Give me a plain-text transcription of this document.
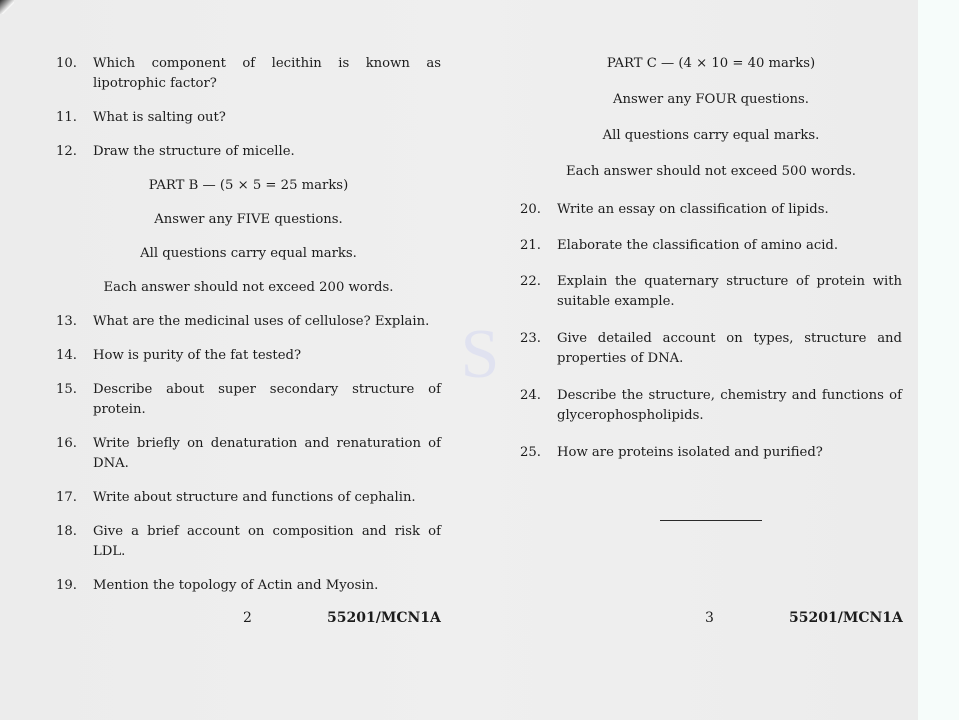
S
10.	Which component of lecithin is known as lipotrophic factor?
11.	What is salting out?
12.	Draw the structure of micelle.
PART B — (5 × 5 = 25 marks)
Answer any FIVE questions.
All questions carry equal marks.
Each answer should not exceed 200 words.
13.	What are the medicinal uses of cellulose? Explain.
14.	How is purity of the fat tested?
15.	Describe about super secondary structure of protein.
16.	Write briefly on denaturation and renaturation of DNA.
17.	Write about structure and functions of cephalin.
18.	Give a brief account on composition and risk of LDL.
19.	Mention the topology of Actin and Myosin.
2	55201/MCN1A
PART C — (4 × 10 = 40 marks)
Answer any FOUR questions.
All questions carry equal marks.
Each answer should not exceed 500 words.
20.	Write an essay on classification of lipids.
21.	Elaborate the classification of amino acid.
22.	Explain the quaternary structure of protein with suitable example.
23.	Give detailed account on types, structure and properties of DNA.
24.	Describe the structure, chemistry and functions of glycerophospholipids.
25.	How are proteins isolated and purified?
3	55201/MCN1A
